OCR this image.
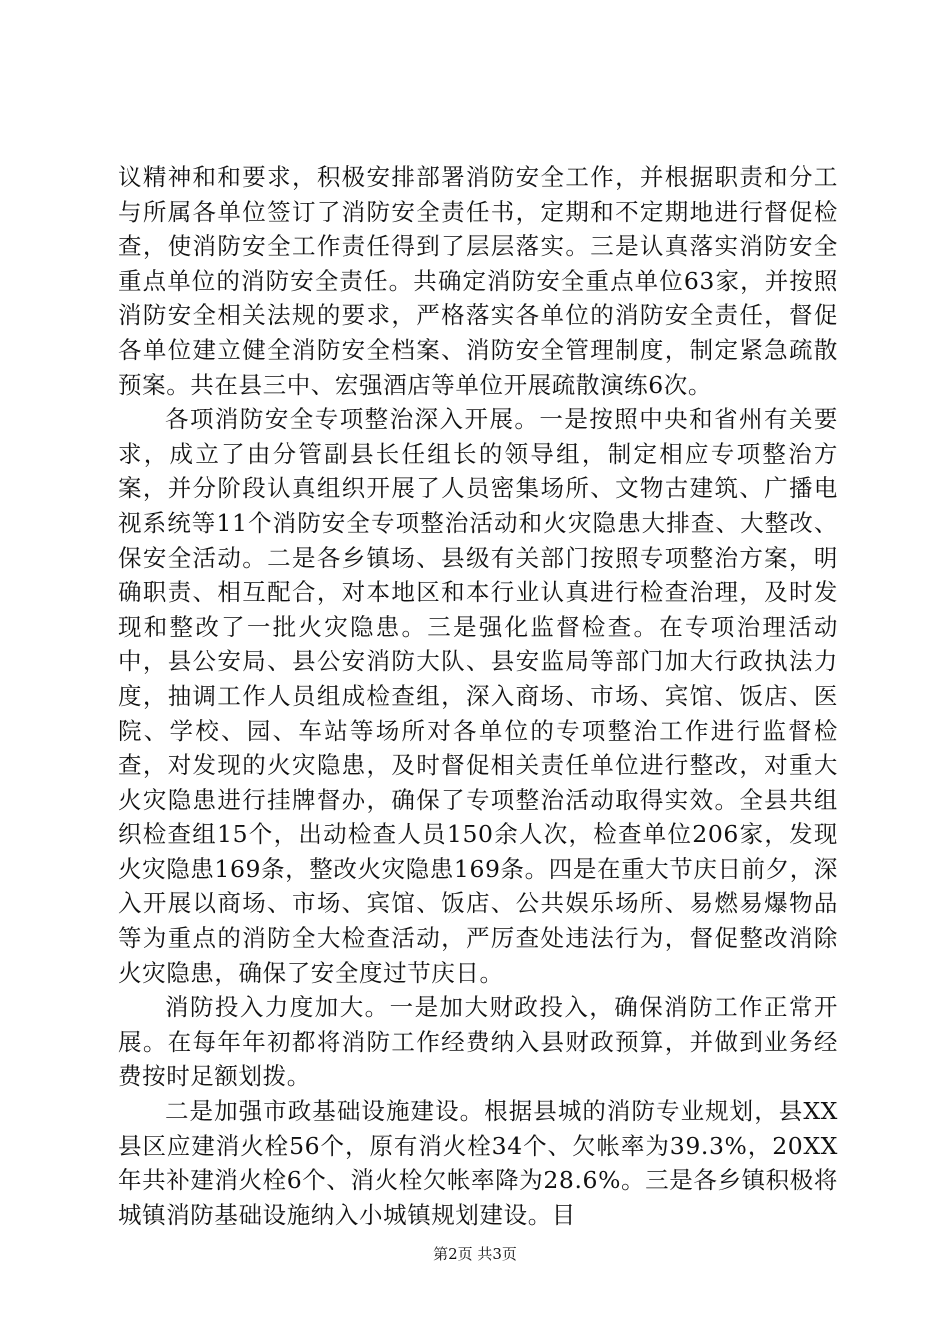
议精神和和要求，积极安排部署消防安全工作，并根据职责和分工与所属各单位签订了消防安全责任书，定期和不定期地进行督促检查，使消防安全工作责任得到了层层落实。三是认真落实消防安全重点单位的消防安全责任。共确定消防安全重点单位63家，并按照消防安全相关法规的要求，严格落实各单位的消防安全责任，督促各单位建立健全消防安全档案、消防安全管理制度，制定紧急疏散预案。共在县三中、宏强酒店等单位开展疏散演练6次。

各项消防安全专项整治深入开展。一是按照中央和省州有关要求，成立了由分管副县长任组长的领导组，制定相应专项整治方案，并分阶段认真组织开展了人员密集场所、文物古建筑、广播电视系统等11个消防安全专项整治活动和火灾隐患大排查、大整改、保安全活动。二是各乡镇场、县级有关部门按照专项整治方案，明确职责、相互配合，对本地区和本行业认真进行检查治理，及时发现和整改了一批火灾隐患。三是强化监督检查。在专项治理活动中，县公安局、县公安消防大队、县安监局等部门加大行政执法力度，抽调工作人员组成检查组，深入商场、市场、宾馆、饭店、医院、学校、园、车站等场所对各单位的专项整治工作进行监督检查，对发现的火灾隐患，及时督促相关责任单位进行整改，对重大火灾隐患进行挂牌督办，确保了专项整治活动取得实效。全县共组织检查组15个，出动检查人员150余人次，检查单位206家，发现火灾隐患169条，整改火灾隐患169条。四是在重大节庆日前夕，深入开展以商场、市场、宾馆、饭店、公共娱乐场所、易燃易爆物品等为重点的消防全大检查活动，严厉查处违法行为，督促整改消除火灾隐患，确保了安全度过节庆日。

消防投入力度加大。一是加大财政投入，确保消防工作正常开展。在每年年初都将消防工作经费纳入县财政预算，并做到业务经费按时足额划拨。

二是加强市政基础设施建设。根据县城的消防专业规划，县XX县区应建消火栓56个，原有消火栓34个、欠帐率为39.3%，20XX年共补建消火栓6个、消火栓欠帐率降为28.6%。三是各乡镇积极将城镇消防基础设施纳入小城镇规划建设。目

第2页 共3页
